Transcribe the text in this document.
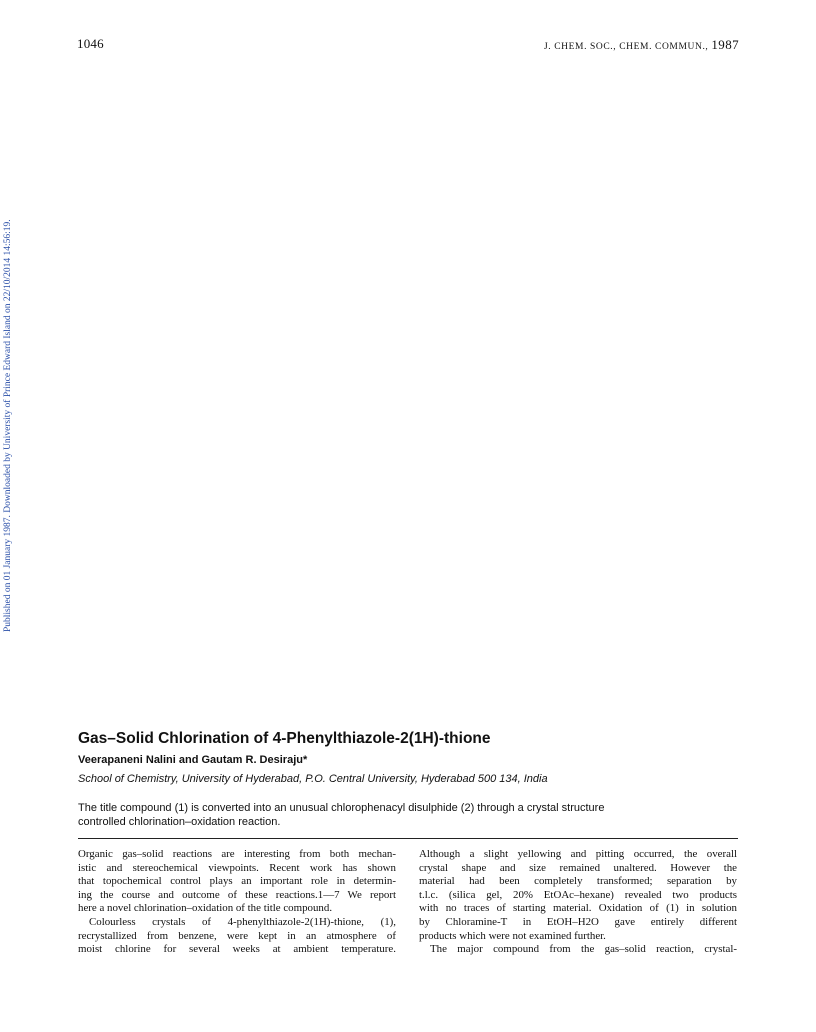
1046	J. CHEM. SOC., CHEM. COMMUN., 1987
Published on 01 January 1987. Downloaded by University of Prince Edward Island on 22/10/2014 14:56:19.
Gas–Solid Chlorination of 4-Phenylthiazole-2(1H)-thione
Veerapaneni Nalini and Gautam R. Desiraju*
School of Chemistry, University of Hyderabad, P.O. Central University, Hyderabad 500 134, India
The title compound (1) is converted into an unusual chlorophenacyl disulphide (2) through a crystal structure
controlled chlorination–oxidation reaction.
Organic gas–solid reactions are interesting from both mechan-
istic and stereochemical viewpoints. Recent work has shown
that topochemical control plays an important role in determin-
ing the course and outcome of these reactions.1—7 We report
here a novel chlorination–oxidation of the title compound.
Colourless crystals of 4-phenylthiazole-2(1H)-thione, (1),
recrystallized from benzene, were kept in an atmosphere of
moist chlorine for several weeks at ambient temperature.
Although a slight yellowing and pitting occurred, the overall
crystal shape and size remained unaltered. However the
material had been completely transformed; separation by
t.l.c. (silica gel, 20% EtOAc–hexane) revealed two products
with no traces of starting material. Oxidation of (1) in solution
by Chloramine-T in EtOH–H2O gave entirely different
products which were not examined further.
The major compound from the gas–solid reaction, crystal-
